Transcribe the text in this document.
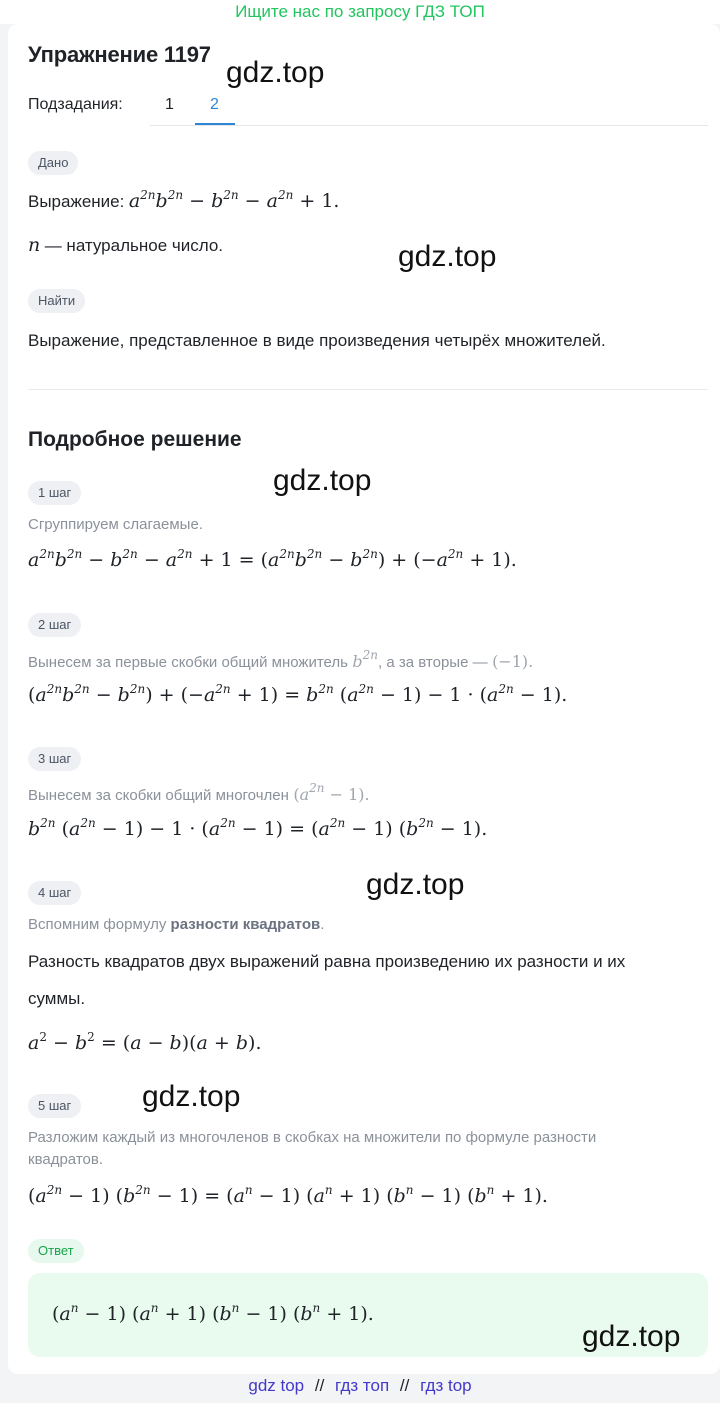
Ищите нас по запросу ГДЗ ТОП
Упражнение 1197
Подзадания:	1 2
Дано
Выражение: $a^{2n}b^{2n} - b^{2n} - a^{2n} + 1$.
n — натуральное число.
Найти
Выражение, представленное в виде произведения четырёх множителей.
Подробное решение
1 шаг
Сгруппируем слагаемые.
$a^{2n}b^{2n} - b^{2n} - a^{2n} + 1 = (a^{2n}b^{2n} - b^{2n}) + (-a^{2n} + 1)$.
2 шаг
Вынесем за первые скобки общий множитель $b^{2n}$, а за вторые — (−1).
$(a^{2n}b^{2n} - b^{2n}) + (-a^{2n} + 1) = b^{2n}$ $(a^{2n} - 1) - 1 \cdot (a^{2n} - 1)$.
3 шаг
Вынесем за скобки общий многочлен $(a^{2n} - 1)$.
$b^{2n}$ $(a^{2n} - 1) - 1 \cdot (a^{2n} - 1) = (a^{2n} - 1) (b^{2n} - 1)$.
4 шаг
Вспомним формулу разности квадратов.
Разность квадратов двух выражений равна произведению их разности и их
суммы.
$a^2 - b^2 = (a - b)(a + b)$.
5 шаг
Разложим каждый из многочленов в скобках на множители по формуле разности
квадратов.
$(a^{2n} - 1) (b^{2n} - 1) = (a^n - 1) (a^n + 1) (b^n - 1) (b^n + 1)$.
Ответ
$(a^n - 1) (a^n + 1) (b^n - 1) (b^n + 1)$.
gdz.top
gdz.top
gdz.top
gdz.top
gdz.top
gdz.top
gdz top // гдз топ // гдз top
